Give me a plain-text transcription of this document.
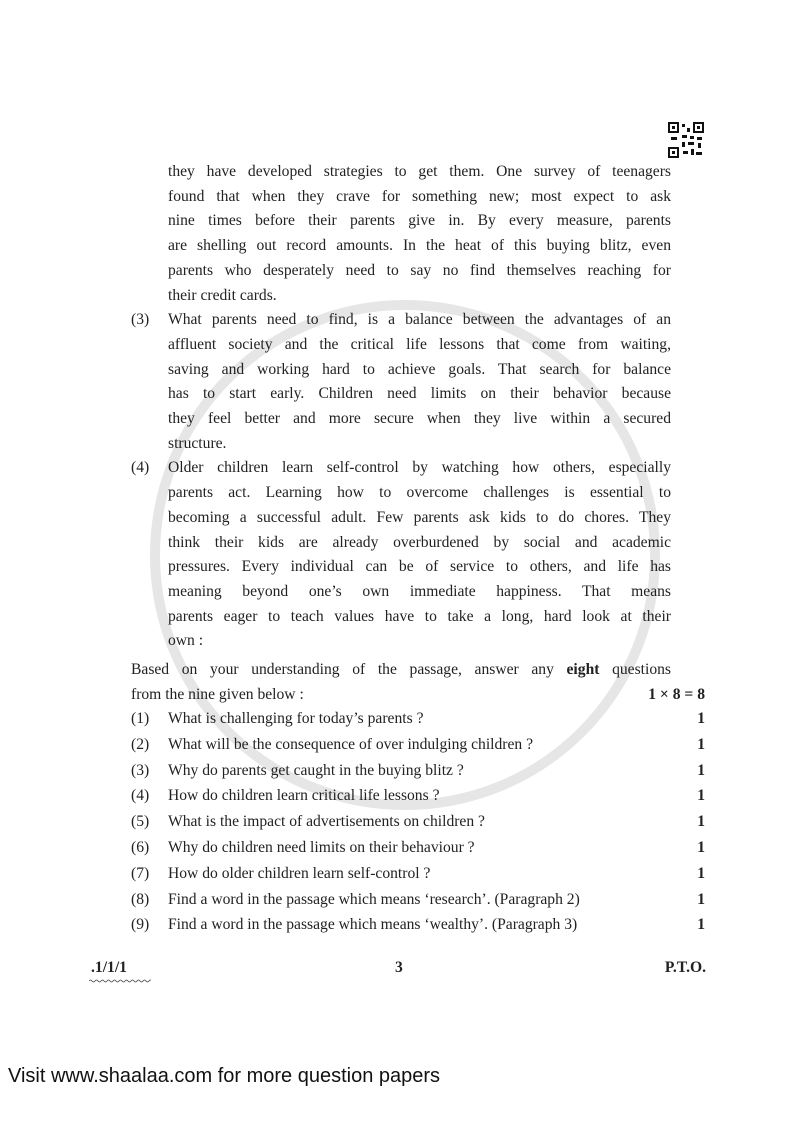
they have developed strategies to get them. One survey of teenagers
found that when they crave for something new; most expect to ask
nine times before their parents give in. By every measure, parents
are shelling out record amounts. In the heat of this buying blitz, even
parents who desperately need to say no find themselves reaching for
their credit cards.
(3) What parents need to find, is a balance between the advantages of an
affluent society and the critical life lessons that come from waiting,
saving and working hard to achieve goals. That search for balance
has to start early. Children need limits on their behavior because
they feel better and more secure when they live within a secured
structure.
(4) Older children learn self-control by watching how others, especially
parents act. Learning how to overcome challenges is essential to
becoming a successful adult. Few parents ask kids to do chores. They
think their kids are already overburdened by social and academic
pressures. Every individual can be of service to others, and life has
meaning beyond one’s own immediate happiness. That means
parents eager to teach values have to take a long, hard look at their
own :
Based on your understanding of the passage, answer any eight questions
from the nine given below :	1 × 8 = 8
(1) What is challenging for today’s parents ?	1
(2) What will be the consequence of over indulging children ?	1
(3) Why do parents get caught in the buying blitz ?	1
(4) How do children learn critical life lessons ?	1
(5) What is the impact of advertisements on children ?	1
(6) Why do children need limits on their behaviour ?	1
(7) How do older children learn self-control ?	1
(8) Find a word in the passage which means ‘research’. (Paragraph 2)	1
(9) Find a word in the passage which means ‘wealthy’. (Paragraph 3)	1
.1/1/1	3	P.T.O.
Visit www.shaalaa.com for more question papers
